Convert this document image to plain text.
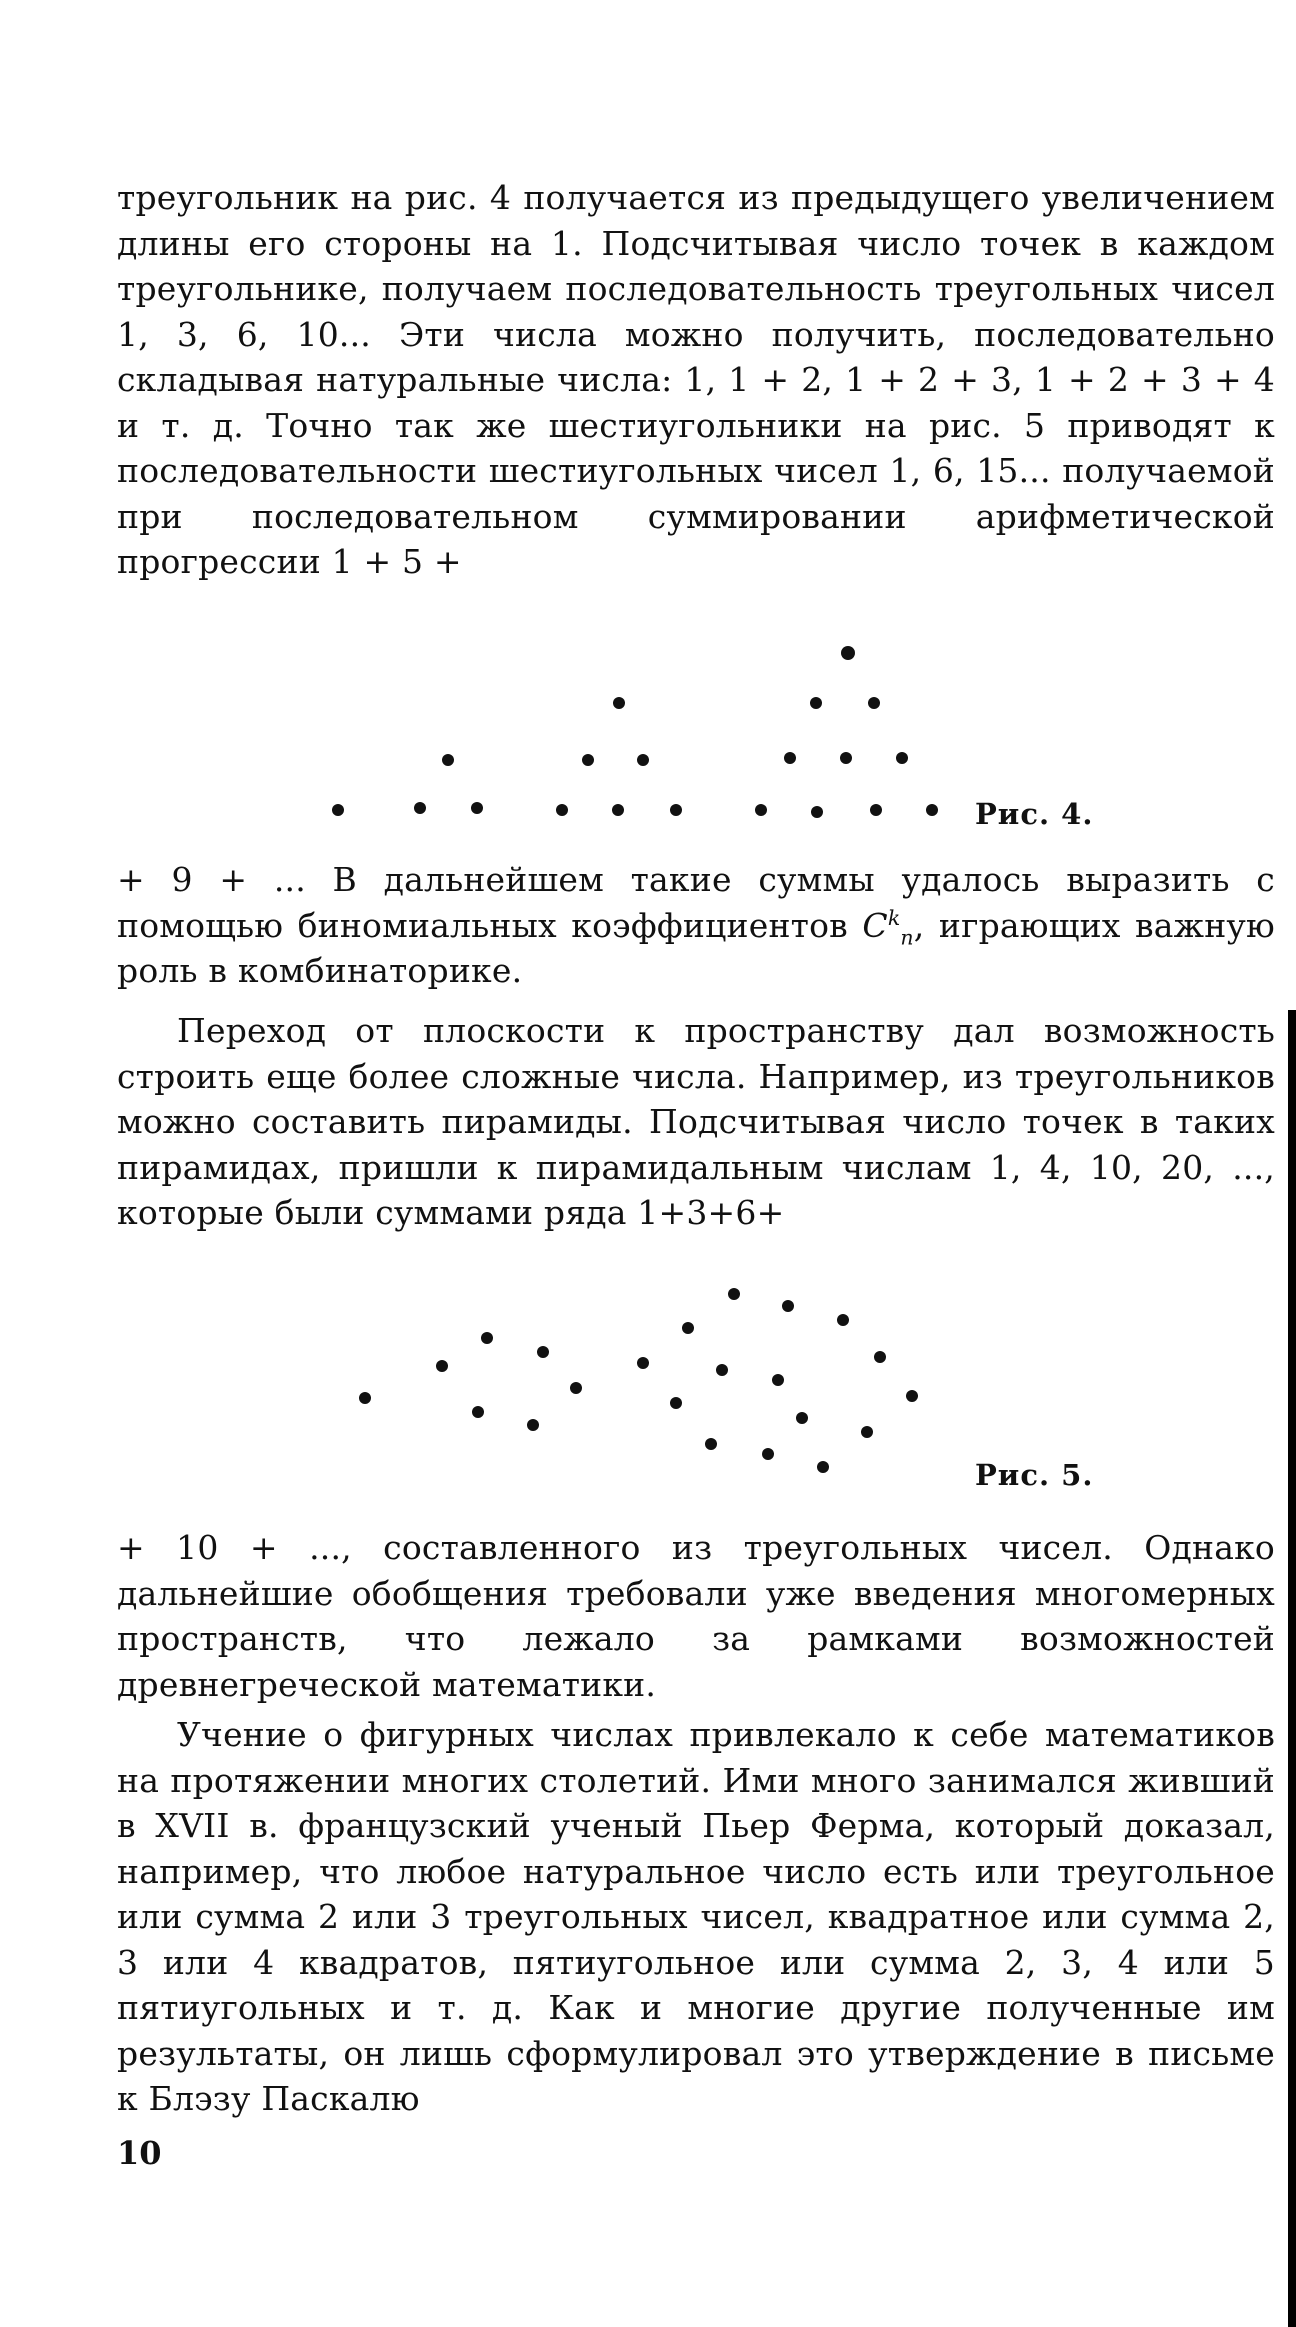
треугольник на рис. 4 получается из предыдущего увеличением длины его стороны на 1. Подсчитывая число точек в каждом треугольнике, получаем последовательность треугольных чисел 1, 3, 6, 10... Эти числа можно получить, последовательно складывая натуральные числа: 1, 1 + 2, 1 + 2 + 3, 1 + 2 + 3 + 4 и т. д. Точно так же шестиугольники на рис. 5 приводят к последовательности шестиугольных чисел 1, 6, 15... получаемой при последовательном суммировании арифметической прогрессии 1 + 5 +

Рис. 4.

+ 9 + ... В дальнейшем такие суммы удалось выразить с помощью биномиальных коэффициентов $C^k_n$, играющих важную роль в комбинаторике.

Переход от плоскости к пространству дал возможность строить еще более сложные числа. Например, из треугольников можно составить пирамиды. Подсчитывая число точек в таких пирамидах, пришли к пирамидальным числам 1, 4, 10, 20, ..., которые были суммами ряда 1+3+6+

Рис. 5.

+ 10 + ..., составленного из треугольных чисел. Однако дальнейшие обобщения требовали уже введения многомерных пространств, что лежало за рамками возможностей древнегреческой математики.

Учение о фигурных числах привлекало к себе математиков на протяжении многих столетий. Ими много занимался живший в XVII в. французский ученый Пьер Ферма, который доказал, например, что любое натуральное число есть или треугольное или сумма 2 или 3 треугольных чисел, квадратное или сумма 2, 3 или 4 квадратов, пятиугольное или сумма 2, 3, 4 или 5 пятиугольных и т. д. Как и многие другие полученные им результаты, он лишь сформулировал это утверждение в письме к Блэзу Паскалю

10
